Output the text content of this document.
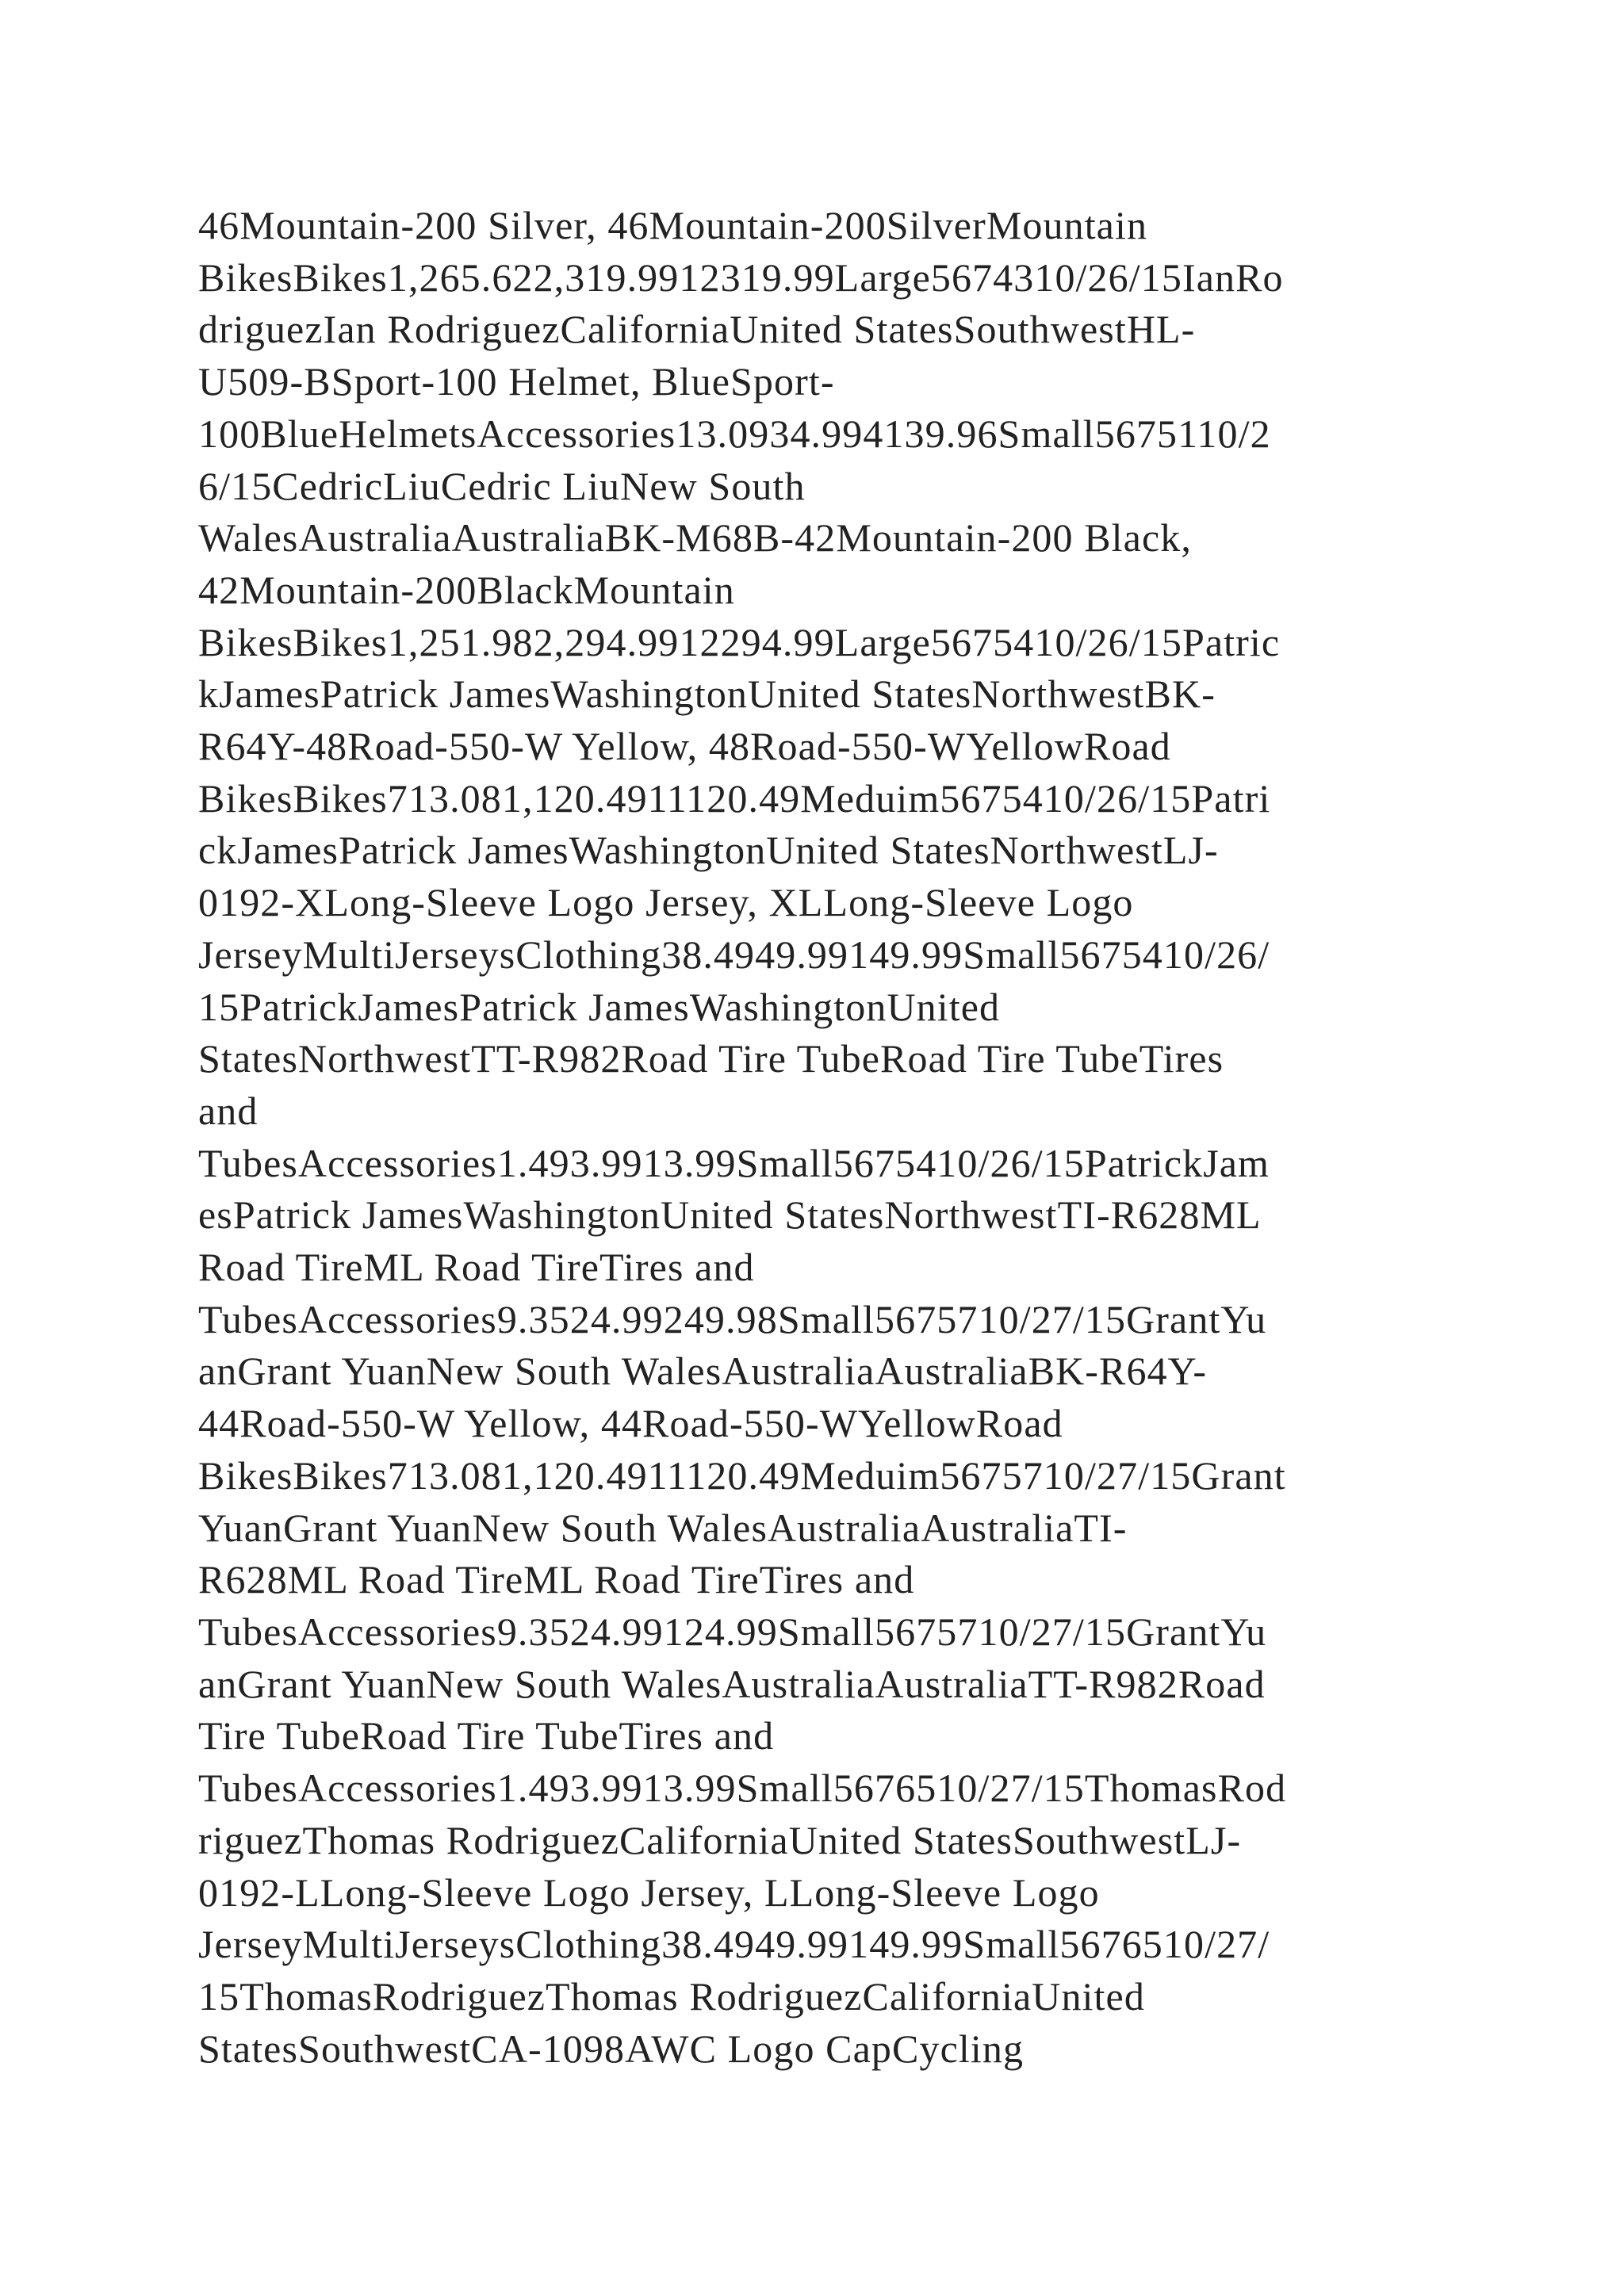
46Mountain-200 Silver, 46Mountain-200SilverMountain
BikesBikes1,265.622,319.9912319.99Large5674310/26/15IanRo
driguezIan RodriguezCaliforniaUnited StatesSouthwestHL-
U509-BSport-100 Helmet, BlueSport-
100BlueHelmetsAccessories13.0934.994139.96Small5675110/2
6/15CedricLiuCedric LiuNew South
WalesAustraliaAustraliaBK-M68B-42Mountain-200 Black,
42Mountain-200BlackMountain
BikesBikes1,251.982,294.9912294.99Large5675410/26/15Patric
kJamesPatrick JamesWashingtonUnited StatesNorthwestBK-
R64Y-48Road-550-W Yellow, 48Road-550-WYellowRoad
BikesBikes713.081,120.4911120.49Meduim5675410/26/15Patri
ckJamesPatrick JamesWashingtonUnited StatesNorthwestLJ-
0192-XLong-Sleeve Logo Jersey, XLLong-Sleeve Logo
JerseyMultiJerseysClothing38.4949.99149.99Small5675410/26/
15PatrickJamesPatrick JamesWashingtonUnited
StatesNorthwestTT-R982Road Tire TubeRoad Tire TubeTires
and
TubesAccessories1.493.9913.99Small5675410/26/15PatrickJam
esPatrick JamesWashingtonUnited StatesNorthwestTI-R628ML
Road TireML Road TireTires and
TubesAccessories9.3524.99249.98Small5675710/27/15GrantYu
anGrant YuanNew South WalesAustraliaAustraliaBK-R64Y-
44Road-550-W Yellow, 44Road-550-WYellowRoad
BikesBikes713.081,120.4911120.49Meduim5675710/27/15Grant
YuanGrant YuanNew South WalesAustraliaAustraliaTI-
R628ML Road TireML Road TireTires and
TubesAccessories9.3524.99124.99Small5675710/27/15GrantYu
anGrant YuanNew South WalesAustraliaAustraliaTT-R982Road
Tire TubeRoad Tire TubeTires and
TubesAccessories1.493.9913.99Small5676510/27/15ThomasRod
riguezThomas RodriguezCaliforniaUnited StatesSouthwestLJ-
0192-LLong-Sleeve Logo Jersey, LLong-Sleeve Logo
JerseyMultiJerseysClothing38.4949.99149.99Small5676510/27/
15ThomasRodriguezThomas RodriguezCaliforniaUnited
StatesSouthwestCA-1098AWC Logo CapCycling
